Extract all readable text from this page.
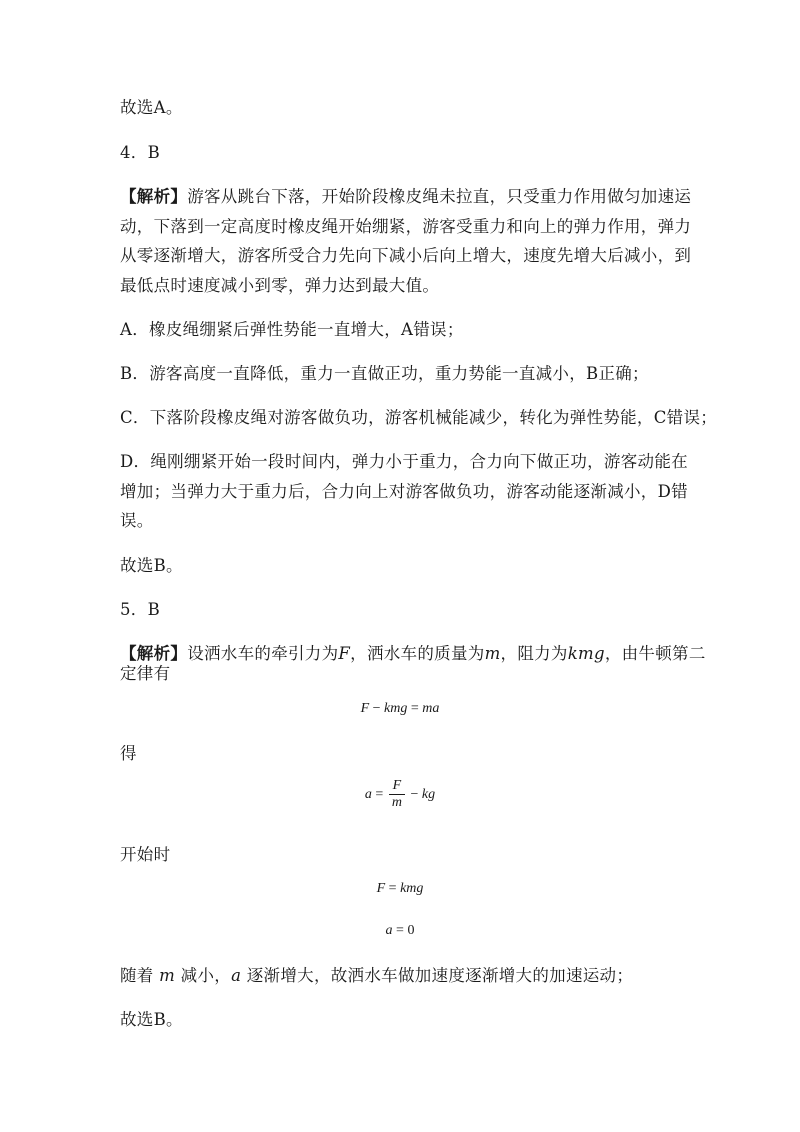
故选A。
4．B
【解析】游客从跳台下落，开始阶段橡皮绳未拉直，只受重力作用做匀加速运
动，下落到一定高度时橡皮绳开始绷紧，游客受重力和向上的弹力作用，弹力
从零逐渐增大，游客所受合力先向下减小后向上增大，速度先增大后减小，到
最低点时速度减小到零，弹力达到最大值。
A．橡皮绳绷紧后弹性势能一直增大，A错误；
B．游客高度一直降低，重力一直做正功，重力势能一直减小，B正确；
C．下落阶段橡皮绳对游客做负功，游客机械能减少，转化为弹性势能，C错误；
D．绳刚绷紧开始一段时间内，弹力小于重力，合力向下做正功，游客动能在
增加；当弹力大于重力后，合力向上对游客做负功，游客动能逐渐减小，D错
误。
故选B。
5．B
【解析】设洒水车的牵引力为F，洒水车的质量为m，阻力为kmg，由牛顿第二
定律有
F − kmg = ma
得
$a = \frac{F}{m}$ − kg
开始时
F = kmg
a = 0
随着 m 减小，a 逐渐增大，故洒水车做加速度逐渐增大的加速运动；
故选B。
